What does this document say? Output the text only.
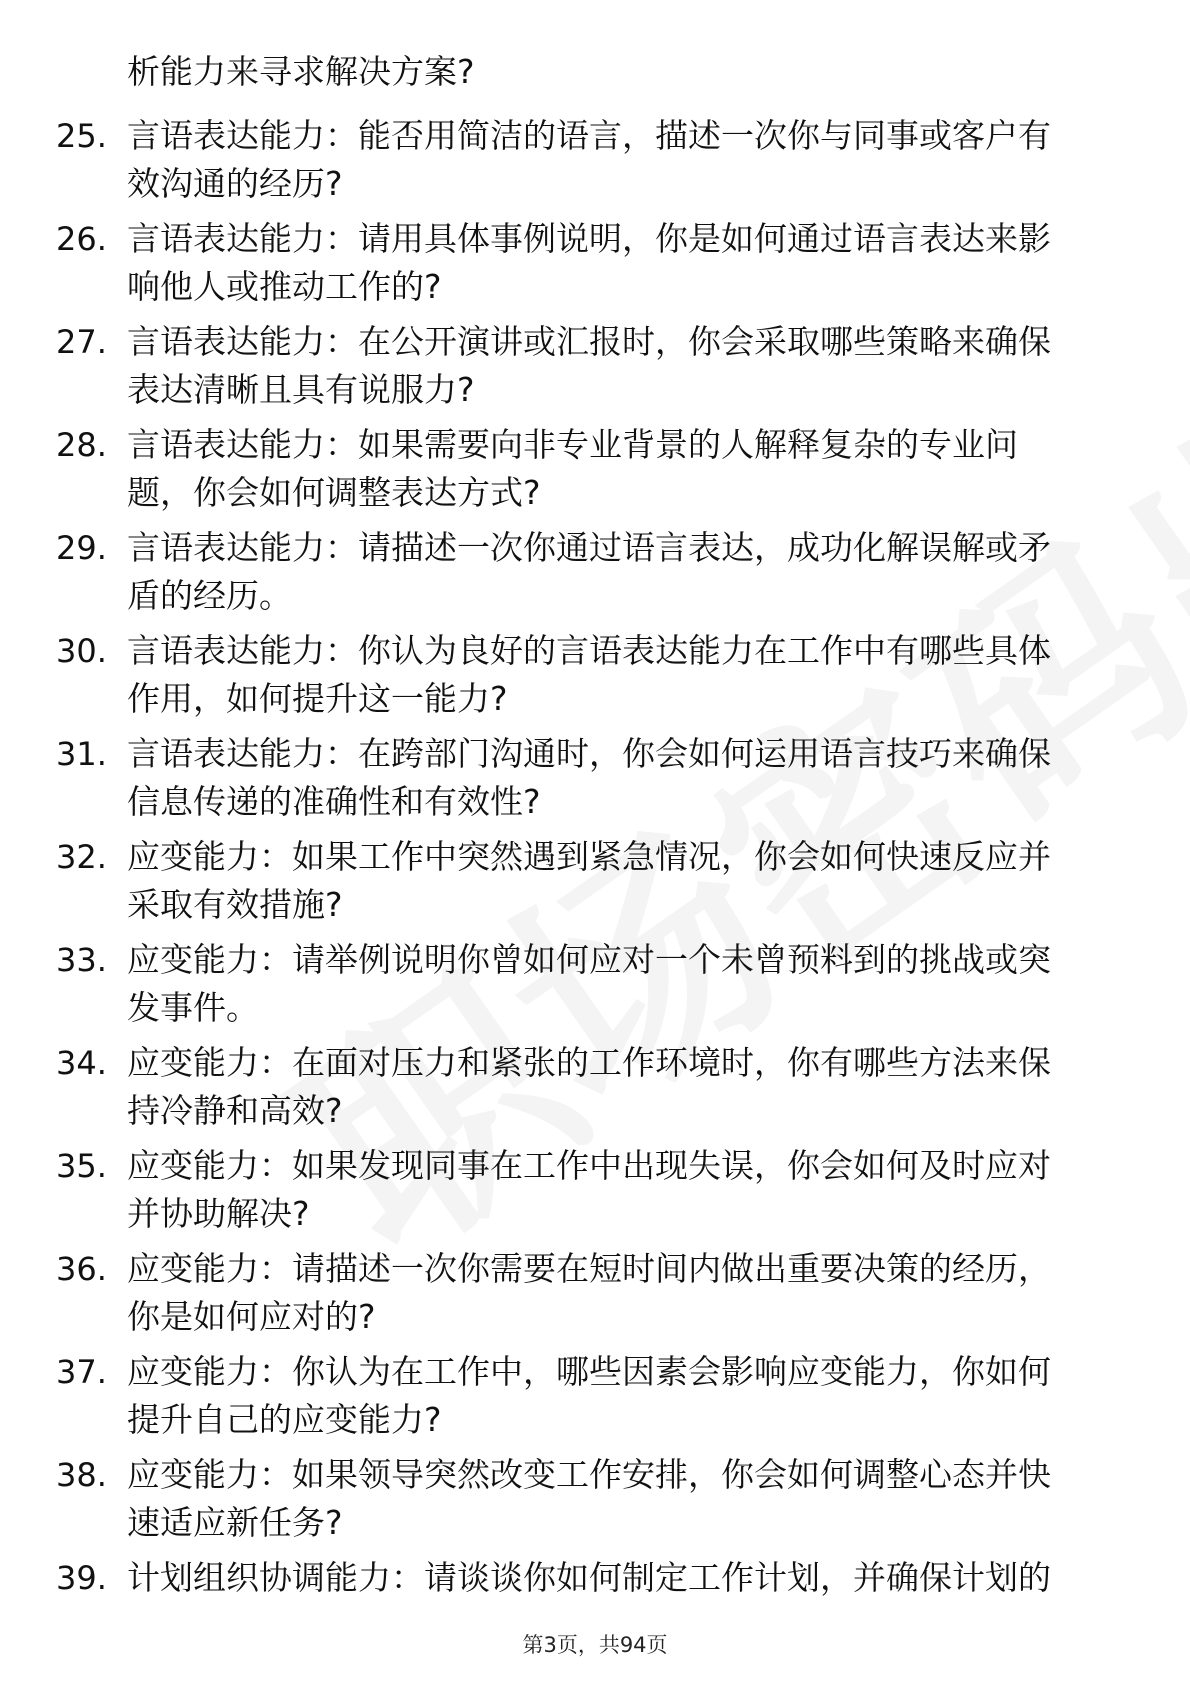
析能力来寻求解决方案?
25. 言语表达能力：能否用简洁的语言，描述一次你与同事或客户有
效沟通的经历?
26. 言语表达能力：请用具体事例说明，你是如何通过语言表达来影
响他人或推动工作的?
27. 言语表达能力：在公开演讲或汇报时，你会采取哪些策略来确保
表达清晰且具有说服力?
28. 言语表达能力：如果需要向非专业背景的人解释复杂的专业问
题，你会如何调整表达方式?
29. 言语表达能力：请描述一次你通过语言表达，成功化解误解或矛
盾的经历。
30. 言语表达能力：你认为良好的言语表达能力在工作中有哪些具体
作用，如何提升这一能力?
31. 言语表达能力：在跨部门沟通时，你会如何运用语言技巧来确保
信息传递的准确性和有效性?
32. 应变能力：如果工作中突然遇到紧急情况，你会如何快速反应并
采取有效措施?
33. 应变能力：请举例说明你曾如何应对一个未曾预料到的挑战或突
发事件。
34. 应变能力：在面对压力和紧张的工作环境时，你有哪些方法来保
持冷静和高效?
35. 应变能力：如果发现同事在工作中出现失误，你会如何及时应对
并协助解决?
36. 应变能力：请描述一次你需要在短时间内做出重要决策的经历，
你是如何应对的?
37. 应变能力：你认为在工作中，哪些因素会影响应变能力，你如何
提升自己的应变能力?
38. 应变能力：如果领导突然改变工作安排，你会如何调整心态并快
速适应新任务?
39. 计划组织协调能力：请谈谈你如何制定工作计划，并确保计划的
第3页，共94页
